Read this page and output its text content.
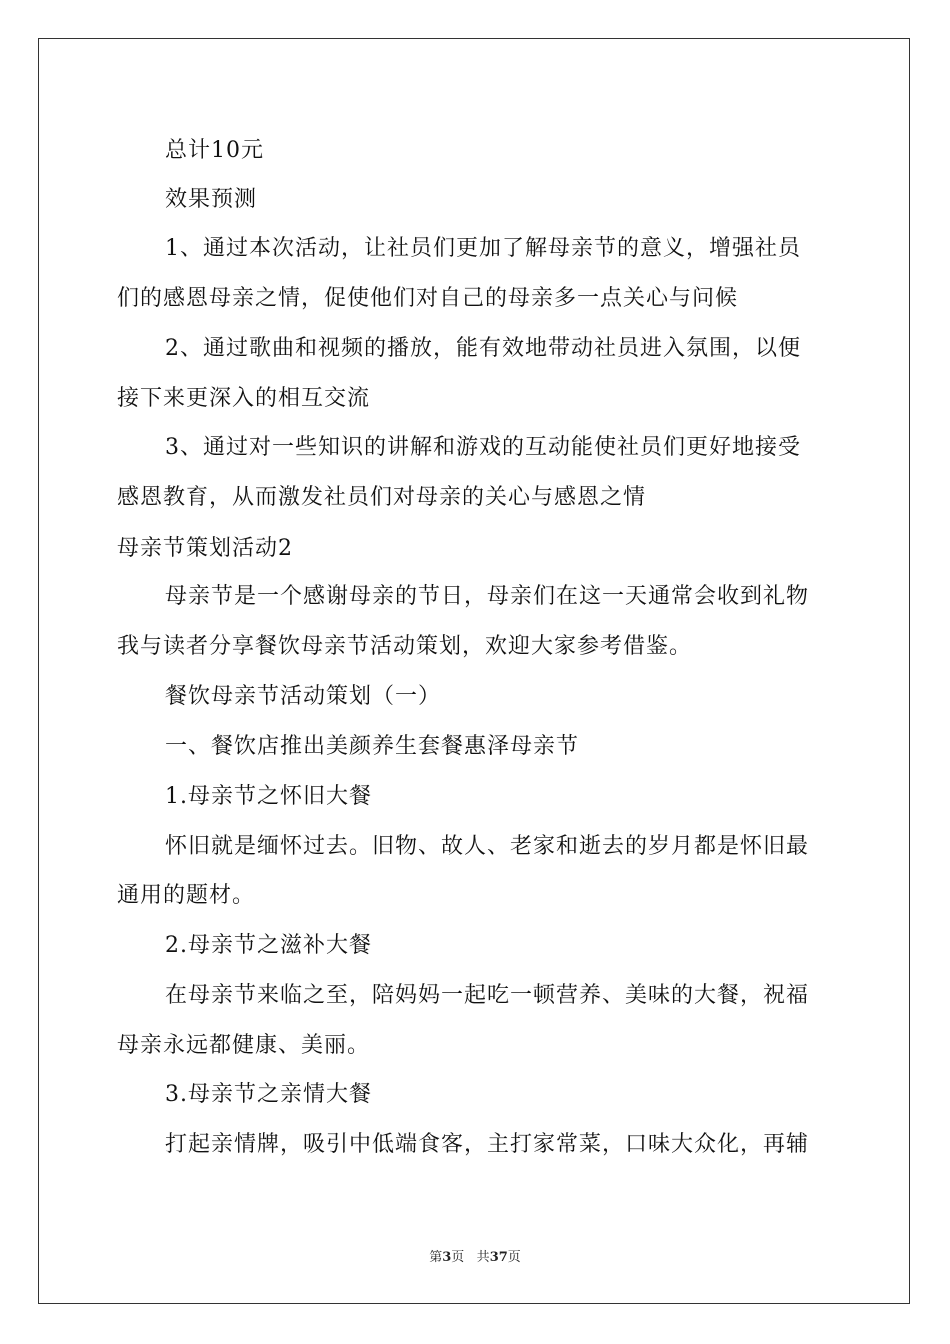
总计10元
效果预测
1、通过本次活动，让社员们更加了解母亲节的意义，增强社员
们的感恩母亲之情，促使他们对自己的母亲多一点关心与问候
2、通过歌曲和视频的播放，能有效地带动社员进入氛围，以便
接下来更深入的相互交流
3、通过对一些知识的讲解和游戏的互动能使社员们更好地接受
感恩教育，从而激发社员们对母亲的关心与感恩之情
母亲节策划活动2
母亲节是一个感谢母亲的节日，母亲们在这一天通常会收到礼物
我与读者分享餐饮母亲节活动策划，欢迎大家参考借鉴。
餐饮母亲节活动策划（一）
一、餐饮店推出美颜养生套餐惠泽母亲节
1.母亲节之怀旧大餐
怀旧就是缅怀过去。旧物、故人、老家和逝去的岁月都是怀旧最
通用的题材。
2.母亲节之滋补大餐
在母亲节来临之至，陪妈妈一起吃一顿营养、美味的大餐，祝福
母亲永远都健康、美丽。
3.母亲节之亲情大餐
打起亲情牌，吸引中低端食客，主打家常菜，口味大众化，再辅
第3页 共37页
